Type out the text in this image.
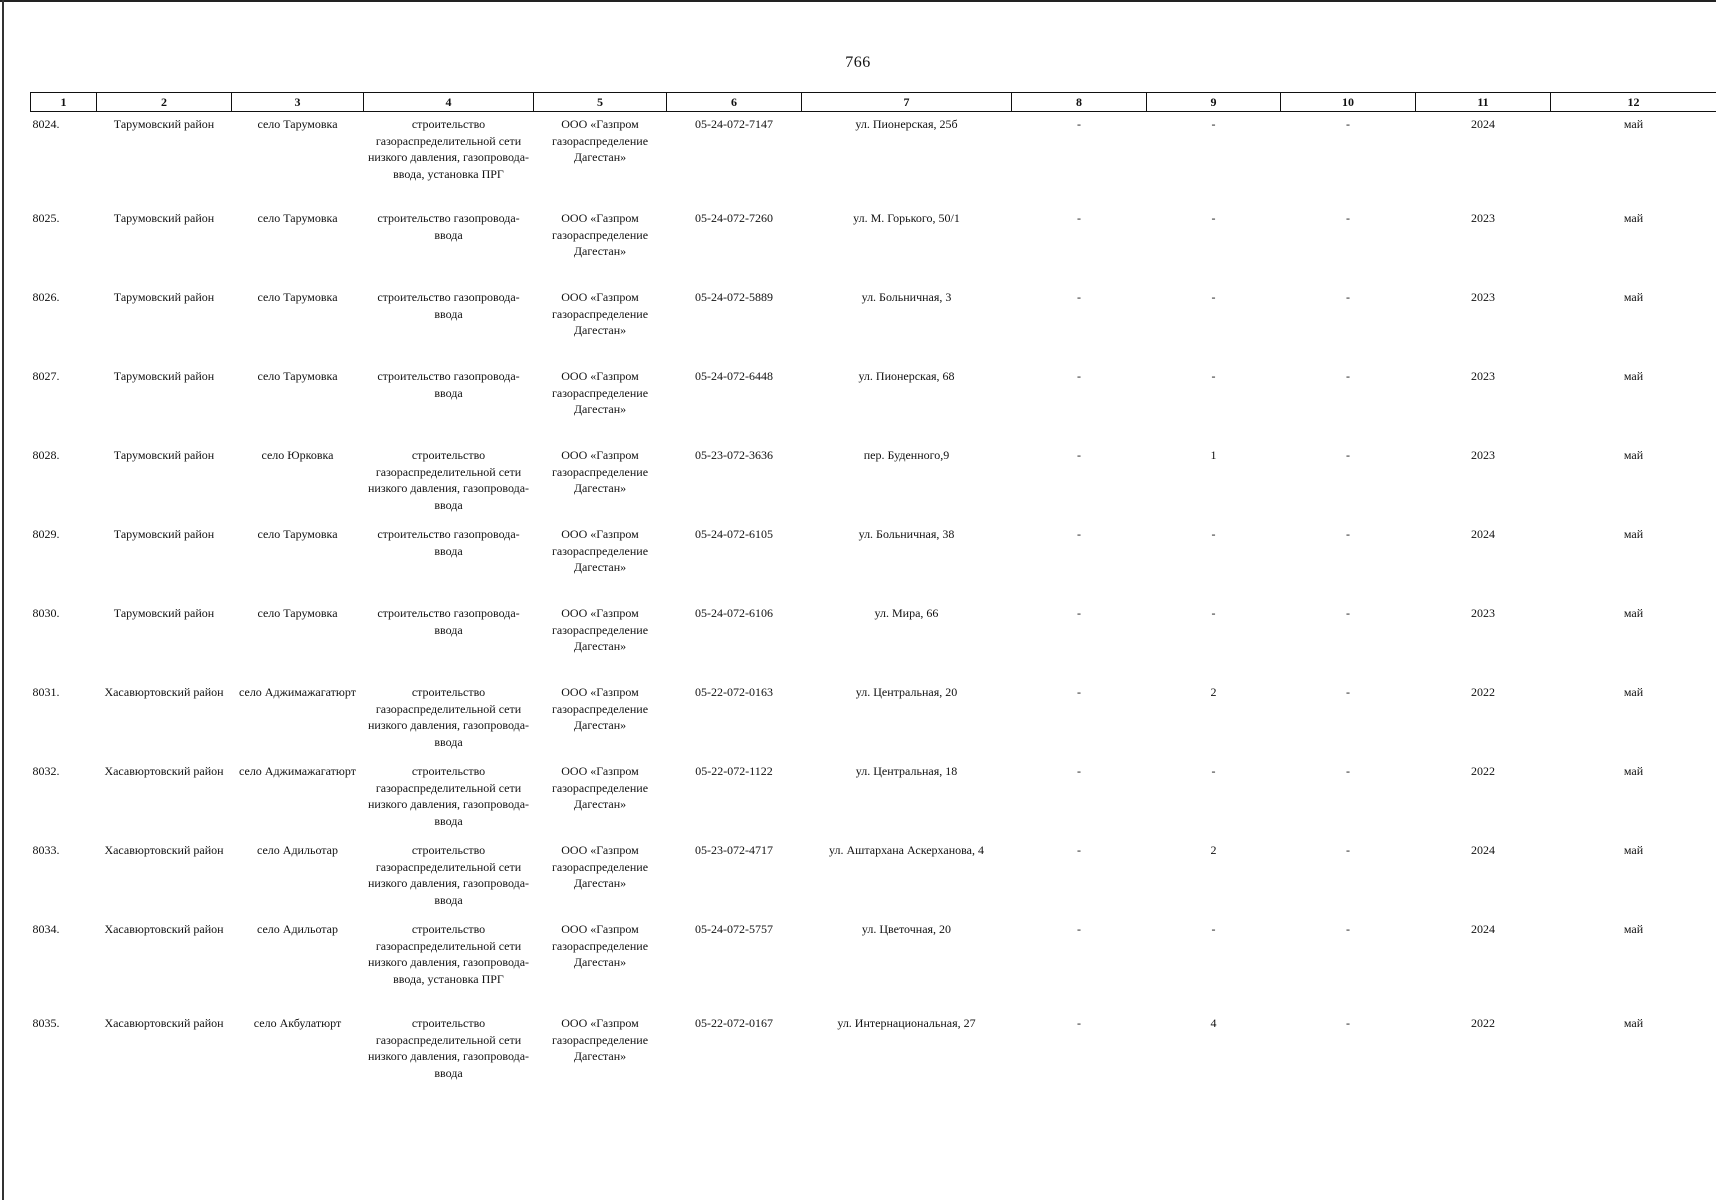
766
1	2	3	4	5	6	7	8	9	10	11	12
8024.	Тарумовский район	село Тарумовка	строительство газораспределительной сети низкого давления, газопровода-ввода, установка ПРГ	ООО «Газпром газораспределение Дагестан»	05-24-072-7147	ул. Пионерская, 25б	-	-	-	2024	май
8025.	Тарумовский район	село Тарумовка	строительство газопровода-ввода	ООО «Газпром газораспределение Дагестан»	05-24-072-7260	ул. М. Горького, 50/1	-	-	-	2023	май
8026.	Тарумовский район	село Тарумовка	строительство газопровода-ввода	ООО «Газпром газораспределение Дагестан»	05-24-072-5889	ул. Больничная, 3	-	-	-	2023	май
8027.	Тарумовский район	село Тарумовка	строительство газопровода-ввода	ООО «Газпром газораспределение Дагестан»	05-24-072-6448	ул. Пионерская, 68	-	-	-	2023	май
8028.	Тарумовский район	село Юрковка	строительство газораспределительной сети низкого давления, газопровода-ввода	ООО «Газпром газораспределение Дагестан»	05-23-072-3636	пер. Буденного,9	-	1	-	2023	май
8029.	Тарумовский район	село Тарумовка	строительство газопровода-ввода	ООО «Газпром газораспределение Дагестан»	05-24-072-6105	ул. Больничная, 38	-	-	-	2024	май
8030.	Тарумовский район	село Тарумовка	строительство газопровода-ввода	ООО «Газпром газораспределение Дагестан»	05-24-072-6106	ул. Мира, 66	-	-	-	2023	май
8031.	Хасавюртовский район	село Аджимажагатюрт	строительство газораспределительной сети низкого давления, газопровода-ввода	ООО «Газпром газораспределение Дагестан»	05-22-072-0163	ул. Центральная, 20	-	2	-	2022	май
8032.	Хасавюртовский район	село Аджимажагатюрт	строительство газораспределительной сети низкого давления, газопровода-ввода	ООО «Газпром газораспределение Дагестан»	05-22-072-1122	ул. Центральная, 18	-	-	-	2022	май
8033.	Хасавюртовский район	село Адильотар	строительство газораспределительной сети низкого давления, газопровода-ввода	ООО «Газпром газораспределение Дагестан»	05-23-072-4717	ул. Аштархана Аскерханова, 4	-	2	-	2024	май
8034.	Хасавюртовский район	село Адильотар	строительство газораспределительной сети низкого давления, газопровода-ввода, установка ПРГ	ООО «Газпром газораспределение Дагестан»	05-24-072-5757	ул. Цветочная, 20	-	-	-	2024	май
8035.	Хасавюртовский район	село Акбулатюрт	строительство газораспределительной сети низкого давления, газопровода-ввода	ООО «Газпром газораспределение Дагестан»	05-22-072-0167	ул. Интернациональная, 27	-	4	-	2022	май
